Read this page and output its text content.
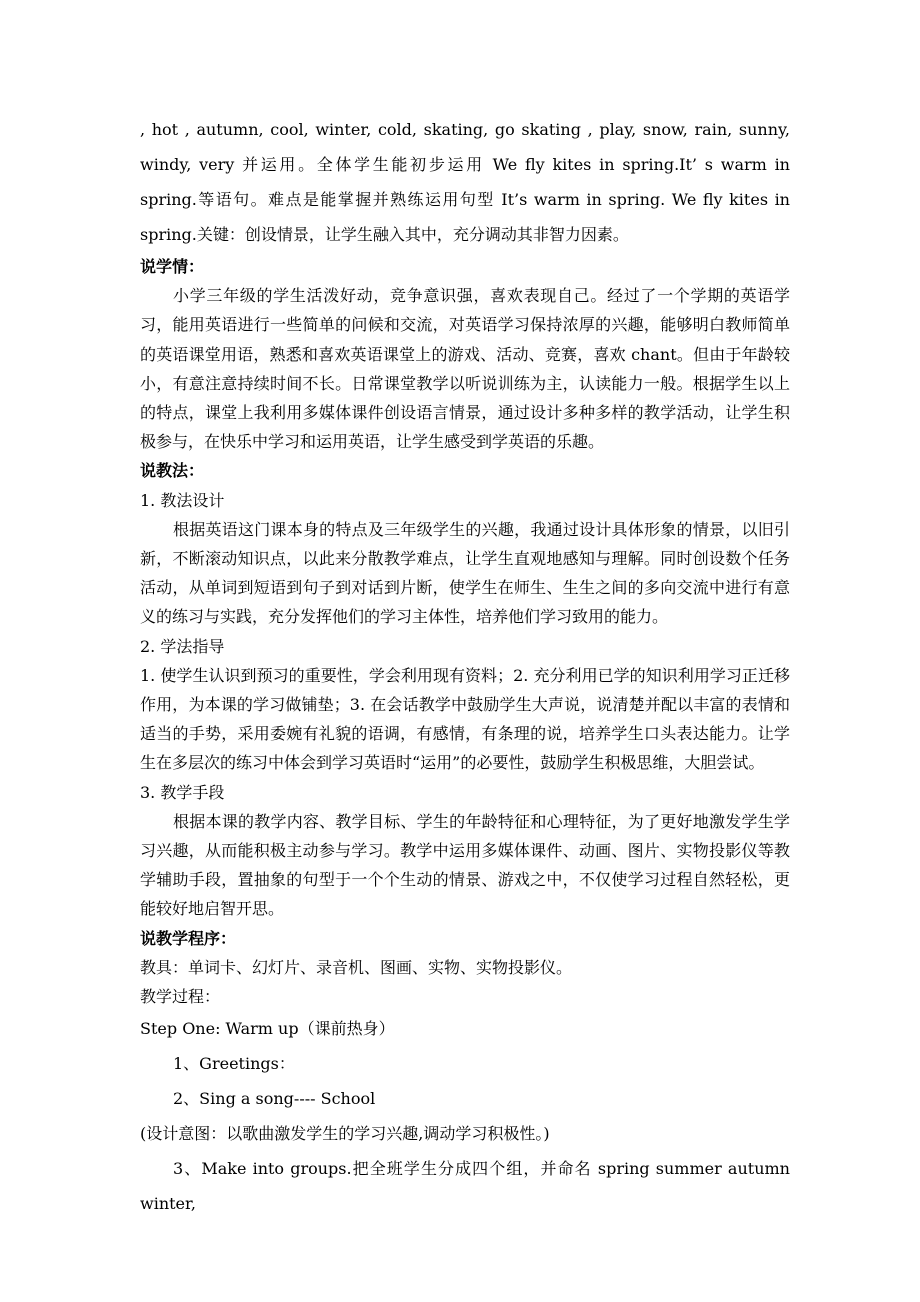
, hot , autumn, cool, winter, cold, skating, go skating , play, snow, rain, sunny, windy, very 并运用。全体学生能初步运用 We fly kites in spring.It’ s warm in spring.等语句。难点是能掌握并熟练运用句型 It’s warm in spring. We fly kites in spring.关键：创设情景，让学生融入其中，充分调动其非智力因素。

说学情：

小学三年级的学生活泼好动，竞争意识强，喜欢表现自己。经过了一个学期的英语学习，能用英语进行一些简单的问候和交流，对英语学习保持浓厚的兴趣，能够明白教师简单的英语课堂用语，熟悉和喜欢英语课堂上的游戏、活动、竞赛，喜欢 chant。但由于年龄较小，有意注意持续时间不长。日常课堂教学以听说训练为主，认读能力一般。根据学生以上的特点，课堂上我利用多媒体课件创设语言情景，通过设计多种多样的教学活动，让学生积极参与，在快乐中学习和运用英语，让学生感受到学英语的乐趣。

说教法：

1. 教法设计

根据英语这门课本身的特点及三年级学生的兴趣，我通过设计具体形象的情景，以旧引新，不断滚动知识点，以此来分散教学难点，让学生直观地感知与理解。同时创设数个任务活动，从单词到短语到句子到对话到片断，使学生在师生、生生之间的多向交流中进行有意义的练习与实践，充分发挥他们的学习主体性，培养他们学习致用的能力。

2. 学法指导

1. 使学生认识到预习的重要性，学会利用现有资料；2. 充分利用已学的知识利用学习正迁移作用，为本课的学习做铺垫；3. 在会话教学中鼓励学生大声说，说清楚并配以丰富的表情和适当的手势，采用委婉有礼貌的语调，有感情，有条理的说，培养学生口头表达能力。让学生在多层次的练习中体会到学习英语时“运用”的必要性，鼓励学生积极思维，大胆尝试。

3. 教学手段

根据本课的教学内容、教学目标、学生的年龄特征和心理特征，为了更好地激发学生学习兴趣，从而能积极主动参与学习。教学中运用多媒体课件、动画、图片、实物投影仪等教学辅助手段，置抽象的句型于一个个生动的情景、游戏之中，不仅使学习过程自然轻松，更能较好地启智开思。

说教学程序：

教具：单词卡、幻灯片、录音机、图画、实物、实物投影仪。

教学过程：

Step One: Warm up（课前热身）

1、Greetings：

2、Sing a song---- School

(设计意图：以歌曲激发学生的学习兴趣,调动学习积极性。)

3、Make into groups.把全班学生分成四个组，并命名 spring summer autumn winter,
